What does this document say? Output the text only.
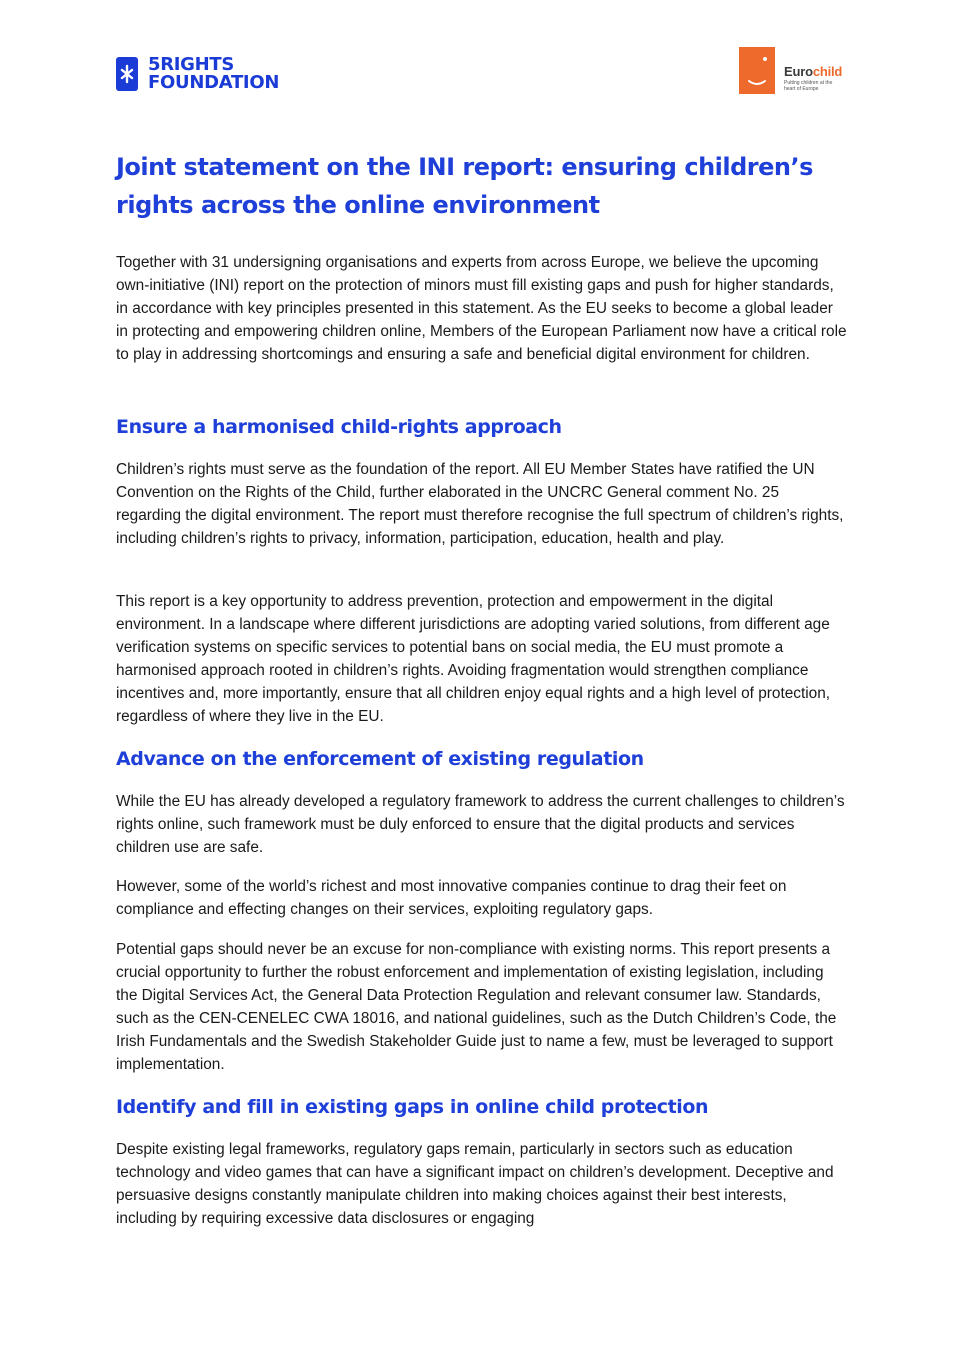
5RIGHTS
FOUNDATION
Eurochild
Putting children at the heart of Europe
Joint statement on the INI report: ensuring children’s rights across the online environment

Together with 31 undersigning organisations and experts from across Europe, we believe the upcoming own-initiative (INI) report on the protection of minors must fill existing gaps and push for higher standards, in accordance with key principles presented in this statement. As the EU seeks to become a global leader in protecting and empowering children online, Members of the European Parliament now have a critical role to play in addressing shortcomings and ensuring a safe and beneficial digital environment for children.

Ensure a harmonised child-rights approach

Children’s rights must serve as the foundation of the report. All EU Member States have ratified the UN Convention on the Rights of the Child, further elaborated in the UNCRC General comment No. 25 regarding the digital environment. The report must therefore recognise the full spectrum of children’s rights, including children’s rights to privacy, information, participation, education, health and play.

This report is a key opportunity to address prevention, protection and empowerment in the digital environment. In a landscape where different jurisdictions are adopting varied solutions, from different age verification systems on specific services to potential bans on social media, the EU must promote a harmonised approach rooted in children’s rights. Avoiding fragmentation would strengthen compliance incentives and, more importantly, ensure that all children enjoy equal rights and a high level of protection, regardless of where they live in the EU.

Advance on the enforcement of existing regulation

While the EU has already developed a regulatory framework to address the current challenges to children’s rights online, such framework must be duly enforced to ensure that the digital products and services children use are safe.

However, some of the world’s richest and most innovative companies continue to drag their feet on compliance and effecting changes on their services, exploiting regulatory gaps.

Potential gaps should never be an excuse for non-compliance with existing norms. This report presents a crucial opportunity to further the robust enforcement and implementation of existing legislation, including the Digital Services Act, the General Data Protection Regulation and relevant consumer law. Standards, such as the CEN-CENELEC CWA 18016, and national guidelines, such as the Dutch Children’s Code, the Irish Fundamentals and the Swedish Stakeholder Guide just to name a few, must be leveraged to support implementation.

Identify and fill in existing gaps in online child protection

Despite existing legal frameworks, regulatory gaps remain, particularly in sectors such as education technology and video games that can have a significant impact on children’s development. Deceptive and persuasive designs constantly manipulate children into making choices against their best interests, including by requiring excessive data disclosures or engaging
